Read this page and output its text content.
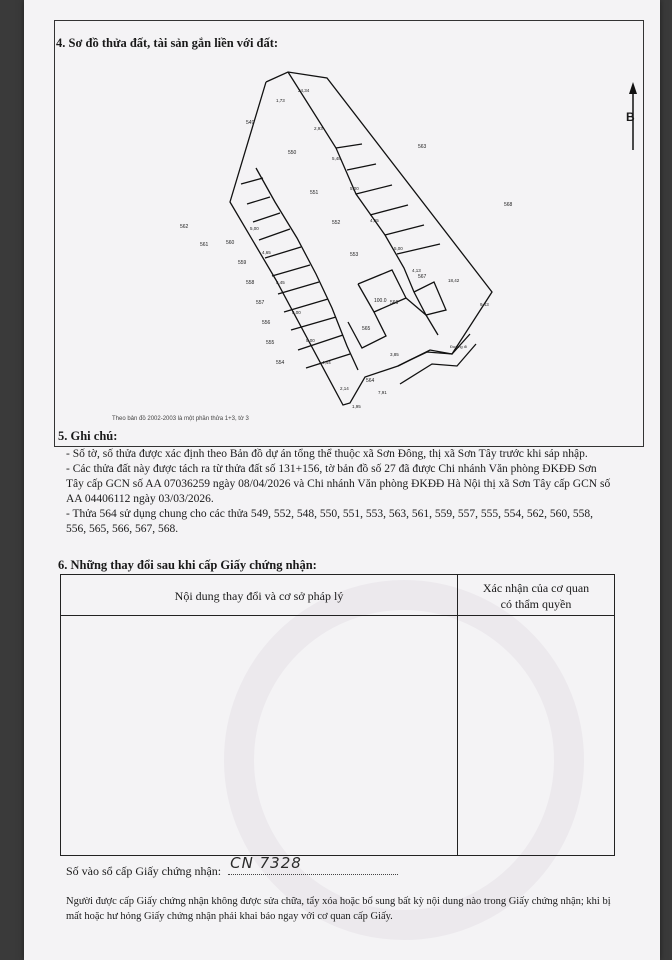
4. Sơ đồ thửa đất, tài sản gắn liền với đất:
B
1,73
24,34
2,93
5,48
5,00
4,65
5,00
4,13
18,42
9,43
5,00
4,65
5,45
5,00
5,00
4,44
2,14
3,85
7,91
1,95
549
550
551
552
553
554
555
556
557
558
559
560
561
562
563
564
565
566
567
568
100.0
Đường đi
Theo bản đồ 2002-2003 là một phần thửa 1+3, tờ 3
5. Ghi chú:

- Số tờ, số thửa được xác định theo Bản đồ dự án tổng thể thuộc xã Sơn Đông, thị xã Sơn Tây trước khi sáp nhập.

- Các thửa đất này được tách ra từ thửa đất số 131+156, tờ bản đồ số 27 đã được Chi nhánh Văn phòng ĐKĐĐ Sơn Tây cấp GCN số AA 07036259 ngày 08/04/2026 và Chi nhánh Văn phòng ĐKĐĐ Hà Nội thị xã Sơn Tây cấp GCN số AA 04406112 ngày 03/03/2026.

- Thửa 564 sử dụng chung cho các thửa 549, 552, 548, 550, 551, 553, 563, 561, 559, 557, 555, 554, 562, 560, 558, 556, 565, 566, 567, 568.

6. Những thay đổi sau khi cấp Giấy chứng nhận:
Nội dung thay đổi và cơ sở pháp lý
Xác nhận của cơ quan
có thẩm quyền
Số vào sổ cấp Giấy chứng nhận: CN 7328
Người được cấp Giấy chứng nhận không được sửa chữa, tẩy xóa hoặc bổ sung bất kỳ nội dung nào trong Giấy chứng nhận; khi bị mất hoặc hư hỏng Giấy chứng nhận phải khai báo ngay với cơ quan cấp Giấy.
